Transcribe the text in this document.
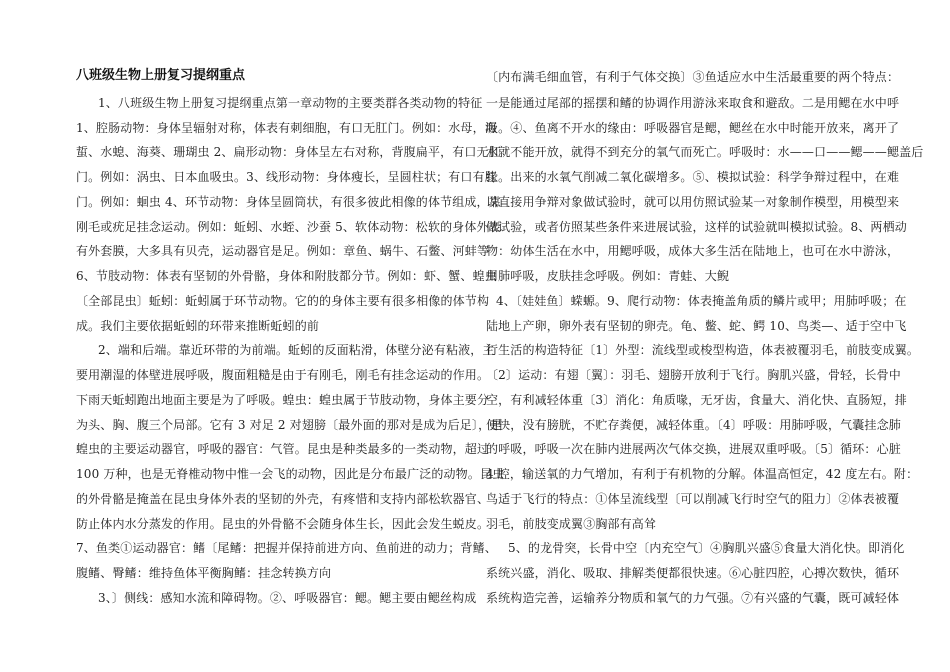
八班级生物上册复习提纲重点
1、八班级生物上册复习提纲重点第一章动物的主要类群各类动物的特征
1、腔肠动物：身体呈辐射对称，体表有刺细胞，有口无肛门。例如：水母，海
蜇、水螅、海葵、珊瑚虫 2、扁形动物：身体呈左右对称，背腹扁平，有口无肛
门。例如：涡虫、日本血吸虫。3、线形动物：身体瘦长，呈圆柱状；有口有肛
门。例如：蛔虫 4、环节动物：身体呈圆筒状，有很多彼此相像的体节组成，靠
刚毛或疣足挂念运动。例如：蚯蚓、水蛭、沙蚕 5、软体动物：松软的身体外表
有外套膜，大多具有贝壳，运动器官是足。例如：章鱼、蜗牛、石鳖、河蚌等
6、节肢动物：体表有坚韧的外骨骼，身体和附肢都分节。例如：虾、蟹、蝗虫
〔全部昆虫〕蚯蚓：蚯蚓属于环节动物。它的的身体主要有很多相像的体节构
成。我们主要依据蚯蚓的环带来推断蚯蚓的前
2、端和后端。靠近环带的为前端。蚯蚓的反面粘滑，体壁分泌有粘液，主
要用潮湿的体壁进展呼吸，腹面粗糙是由于有刚毛，刚毛有挂念运动的作用。
下雨天蚯蚓跑出地面主要是为了呼吸。蝗虫：蝗虫属于节肢动物，身体主要分
为头、胸、腹三个局部。它有 3 对足 2 对翅膀〔最外面的那对是成为后足〕，是
蝗虫的主要运动器官，呼吸的器官：气管。昆虫是种类最多的一类动物，超过
100 万种，也是无脊椎动物中惟一会飞的动物，因此是分布最广泛的动物。昆虫
的外骨骼是掩盖在昆虫身体外表的坚韧的外壳，有疼惜和支持内部松软器官、
防止体内水分蒸发的作用。昆虫的外骨骼不会随身体生长，因此会发生蜕皮。
7、鱼类①运动器官：鳍〔尾鳍：把握并保持前进方向、鱼前进的动力；背鳍、
腹鳍、臀鳍：维持鱼体平衡胸鳍：挂念转换方向
3、〕侧线：感知水流和障碍物。②、呼吸器官：鳃。鳃主要由鳃丝构成
〔内布满毛细血管，有利于气体交换〕③鱼适应水中生活最重要的两个特点：
一是能通过尾部的摇摆和鳍的协调作用游泳来取食和避敌。二是用鳃在水中呼
吸。④、鱼离不开水的缘由：呼吸器官是鳃，鳃丝在水中时能开放来，离开了
水就不能开放，就得不到充分的氧气而死亡。呼吸时：水——口——鳃——鳃盖后
缘。出来的水氧气削减二氧化碳增多。⑤、模拟试验：科学争辩过程中，在难
以直接用争辩对象做试验时，就可以用仿照试验某一对象制作模型，用模型来
做试验，或者仿照某些条件来进展试验，这样的试验就叫模拟试验。8、两栖动
物：幼体生活在水中，用鳃呼吸，成体大多生活在陆地上，也可在水中游泳，
用肺呼吸，皮肤挂念呼吸。例如：青蛙、大鲵
4、〔娃娃鱼〕蝾螈。9、爬行动物：体表掩盖角质的鳞片或甲；用肺呼吸；在
陆地上产卵，卵外表有坚韧的卵壳。龟、鳖、蛇、鳄 10、鸟类—、适于空中飞
行生活的构造特征〔1〕外型：流线型或梭型构造，体表被覆羽毛，前肢变成翼。
〔2〕运动：有翅〔翼〕：羽毛、翅膀开放利于飞行。胸肌兴盛，骨轻，长骨中
空，有利减轻体重〔3〕消化：角质喙，无牙齿，食量大、消化快、直肠短，排
便快，没有膀胱，不贮存粪便，减轻体重。〔4〕呼吸：用肺呼吸，气囊挂念肺
的呼吸，呼吸一次在肺内进展两次气体交换，进展双重呼吸。〔5〕循环：心脏
4 腔，输送氧的力气增加，有利于有机物的分解。体温高恒定，42 度左右。附：
鸟适于飞行的特点：①体呈流线型〔可以削减飞行时空气的阻力〕②体表被覆
羽毛，前肢变成翼③胸部有高耸
5、的龙骨突，长骨中空〔内充空气〕④胸肌兴盛⑤食量大消化快。即消化
系统兴盛，消化、吸取、排解类便都很快速。⑥心脏四腔，心搏次数快，循环
系统构造完善，运输养分物质和氧气的力气强。⑦有兴盛的气囊，既可减轻体
